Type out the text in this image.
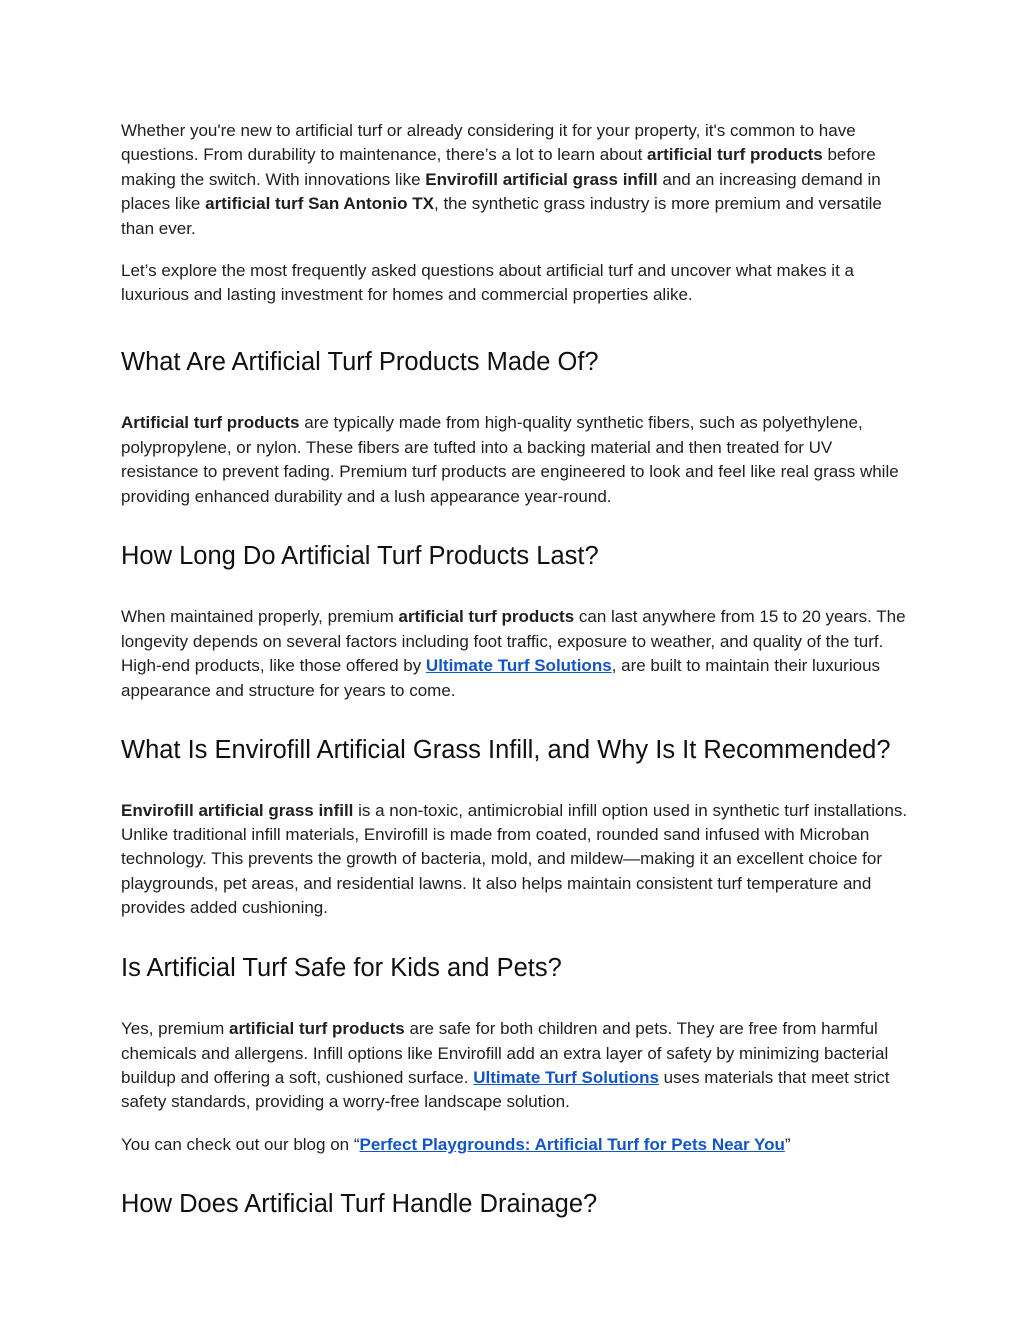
Whether you're new to artificial turf or already considering it for your property, it's common to have questions. From durability to maintenance, there’s a lot to learn about artificial turf products before making the switch. With innovations like Envirofill artificial grass infill and an increasing demand in places like artificial turf San Antonio TX, the synthetic grass industry is more premium and versatile than ever.

Let’s explore the most frequently asked questions about artificial turf and uncover what makes it a luxurious and lasting investment for homes and commercial properties alike.

What Are Artificial Turf Products Made Of?

Artificial turf products are typically made from high-quality synthetic fibers, such as polyethylene, polypropylene, or nylon. These fibers are tufted into a backing material and then treated for UV resistance to prevent fading. Premium turf products are engineered to look and feel like real grass while providing enhanced durability and a lush appearance year-round.

How Long Do Artificial Turf Products Last?

When maintained properly, premium artificial turf products can last anywhere from 15 to 20 years. The longevity depends on several factors including foot traffic, exposure to weather, and quality of the turf. High-end products, like those offered by Ultimate Turf Solutions, are built to maintain their luxurious appearance and structure for years to come.

What Is Envirofill Artificial Grass Infill, and Why Is It Recommended?

Envirofill artificial grass infill is a non-toxic, antimicrobial infill option used in synthetic turf installations. Unlike traditional infill materials, Envirofill is made from coated, rounded sand infused with Microban technology. This prevents the growth of bacteria, mold, and mildew—making it an excellent choice for playgrounds, pet areas, and residential lawns. It also helps maintain consistent turf temperature and provides added cushioning.

Is Artificial Turf Safe for Kids and Pets?

Yes, premium artificial turf products are safe for both children and pets. They are free from harmful chemicals and allergens. Infill options like Envirofill add an extra layer of safety by minimizing bacterial buildup and offering a soft, cushioned surface. Ultimate Turf Solutions uses materials that meet strict safety standards, providing a worry-free landscape solution.

You can check out our blog on “Perfect Playgrounds: Artificial Turf for Pets Near You”

How Does Artificial Turf Handle Drainage?
